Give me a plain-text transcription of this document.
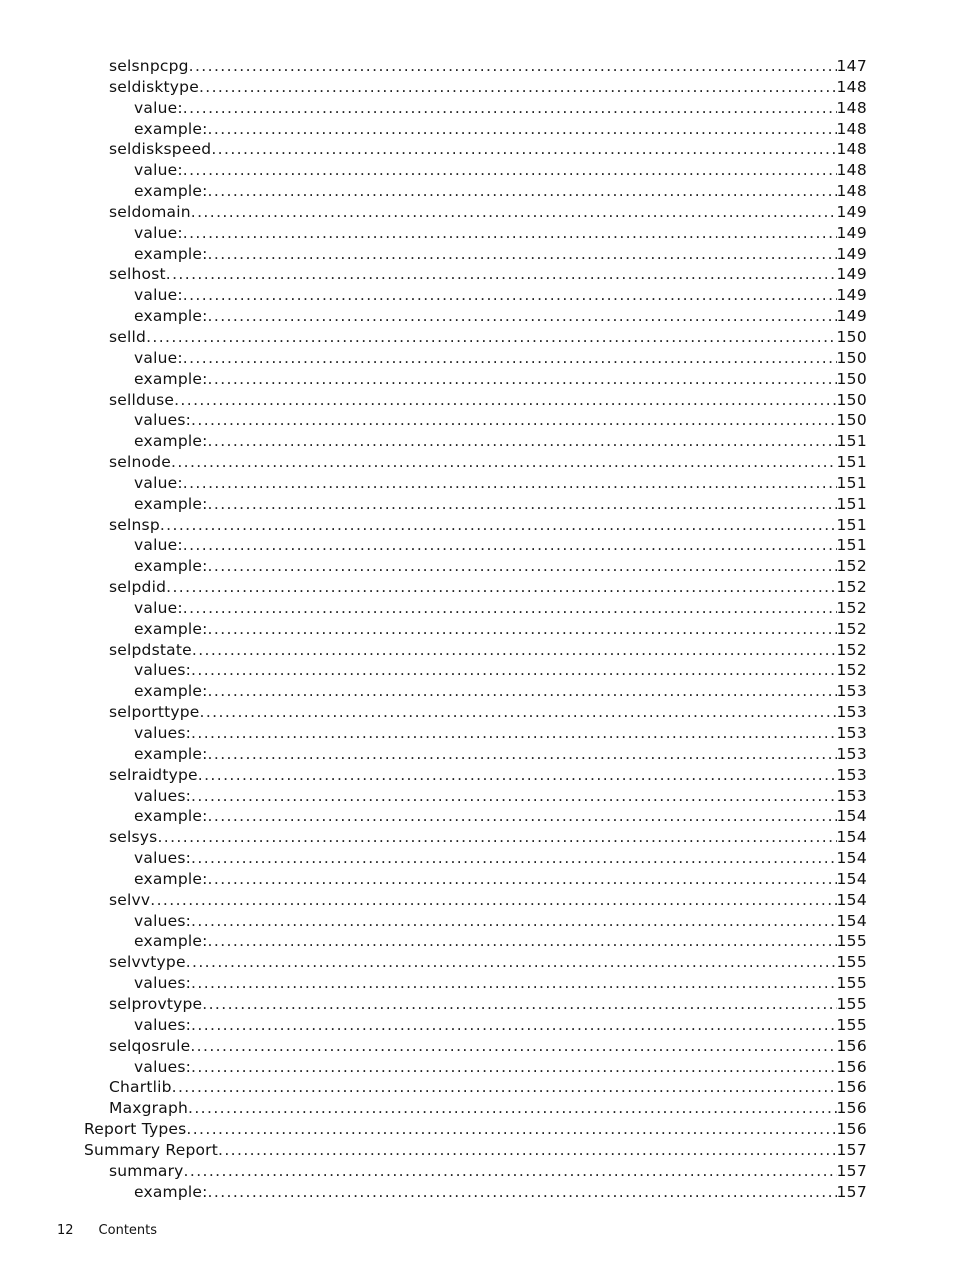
selsnpcpg .....	147
seldisktype .....	148
value: .....	148
example: .....	148
seldiskspeed .....	148
value: .....	148
example: .....	148
seldomain .....	149
value: .....	149
example: .....	149
selhost .....	149
value: .....	149
example: .....	149
selld .....	150
value: .....	150
example: .....	150
sellduse .....	150
values: .....	150
example: .....	151
selnode .....	151
value: .....	151
example: .....	151
selnsp .....	151
value: .....	151
example: .....	152
selpdid .....	152
value: .....	152
example: .....	152
selpdstate .....	152
values: .....	152
example: .....	153
selporttype .....	153
values: .....	153
example: .....	153
selraidtype .....	153
values: .....	153
example: .....	154
selsys .....	154
values: .....	154
example: .....	154
selvv .....	154
values: .....	154
example: .....	155
selvvtype .....	155
values: .....	155
selprovtype .....	155
values: .....	155
selqosrule .....	156
values: .....	156
Chartlib .....	156
Maxgraph .....	156
Report Types .....	156
Summary Report .....	157
summary .....	157
example: .....	157
12 Contents
